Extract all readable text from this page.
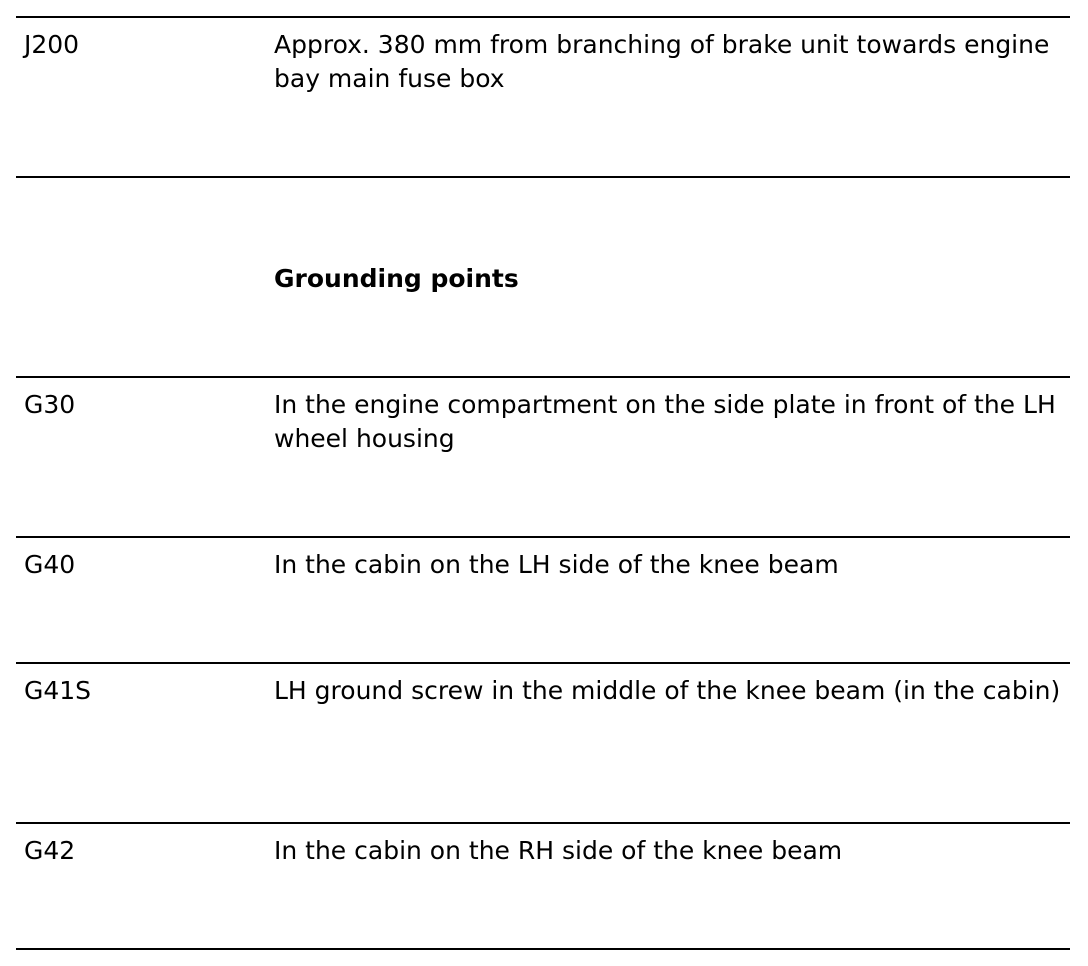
J200	Approx. 380 mm from branching of brake unit towards engine bay main fuse box
Grounding points
G30	In the engine compartment on the side plate in front of the LH wheel housing
G40	In the cabin on the LH side of the knee beam
G41S	LH ground screw in the middle of the knee beam (in the cabin)
G42	In the cabin on the RH side of the knee beam
